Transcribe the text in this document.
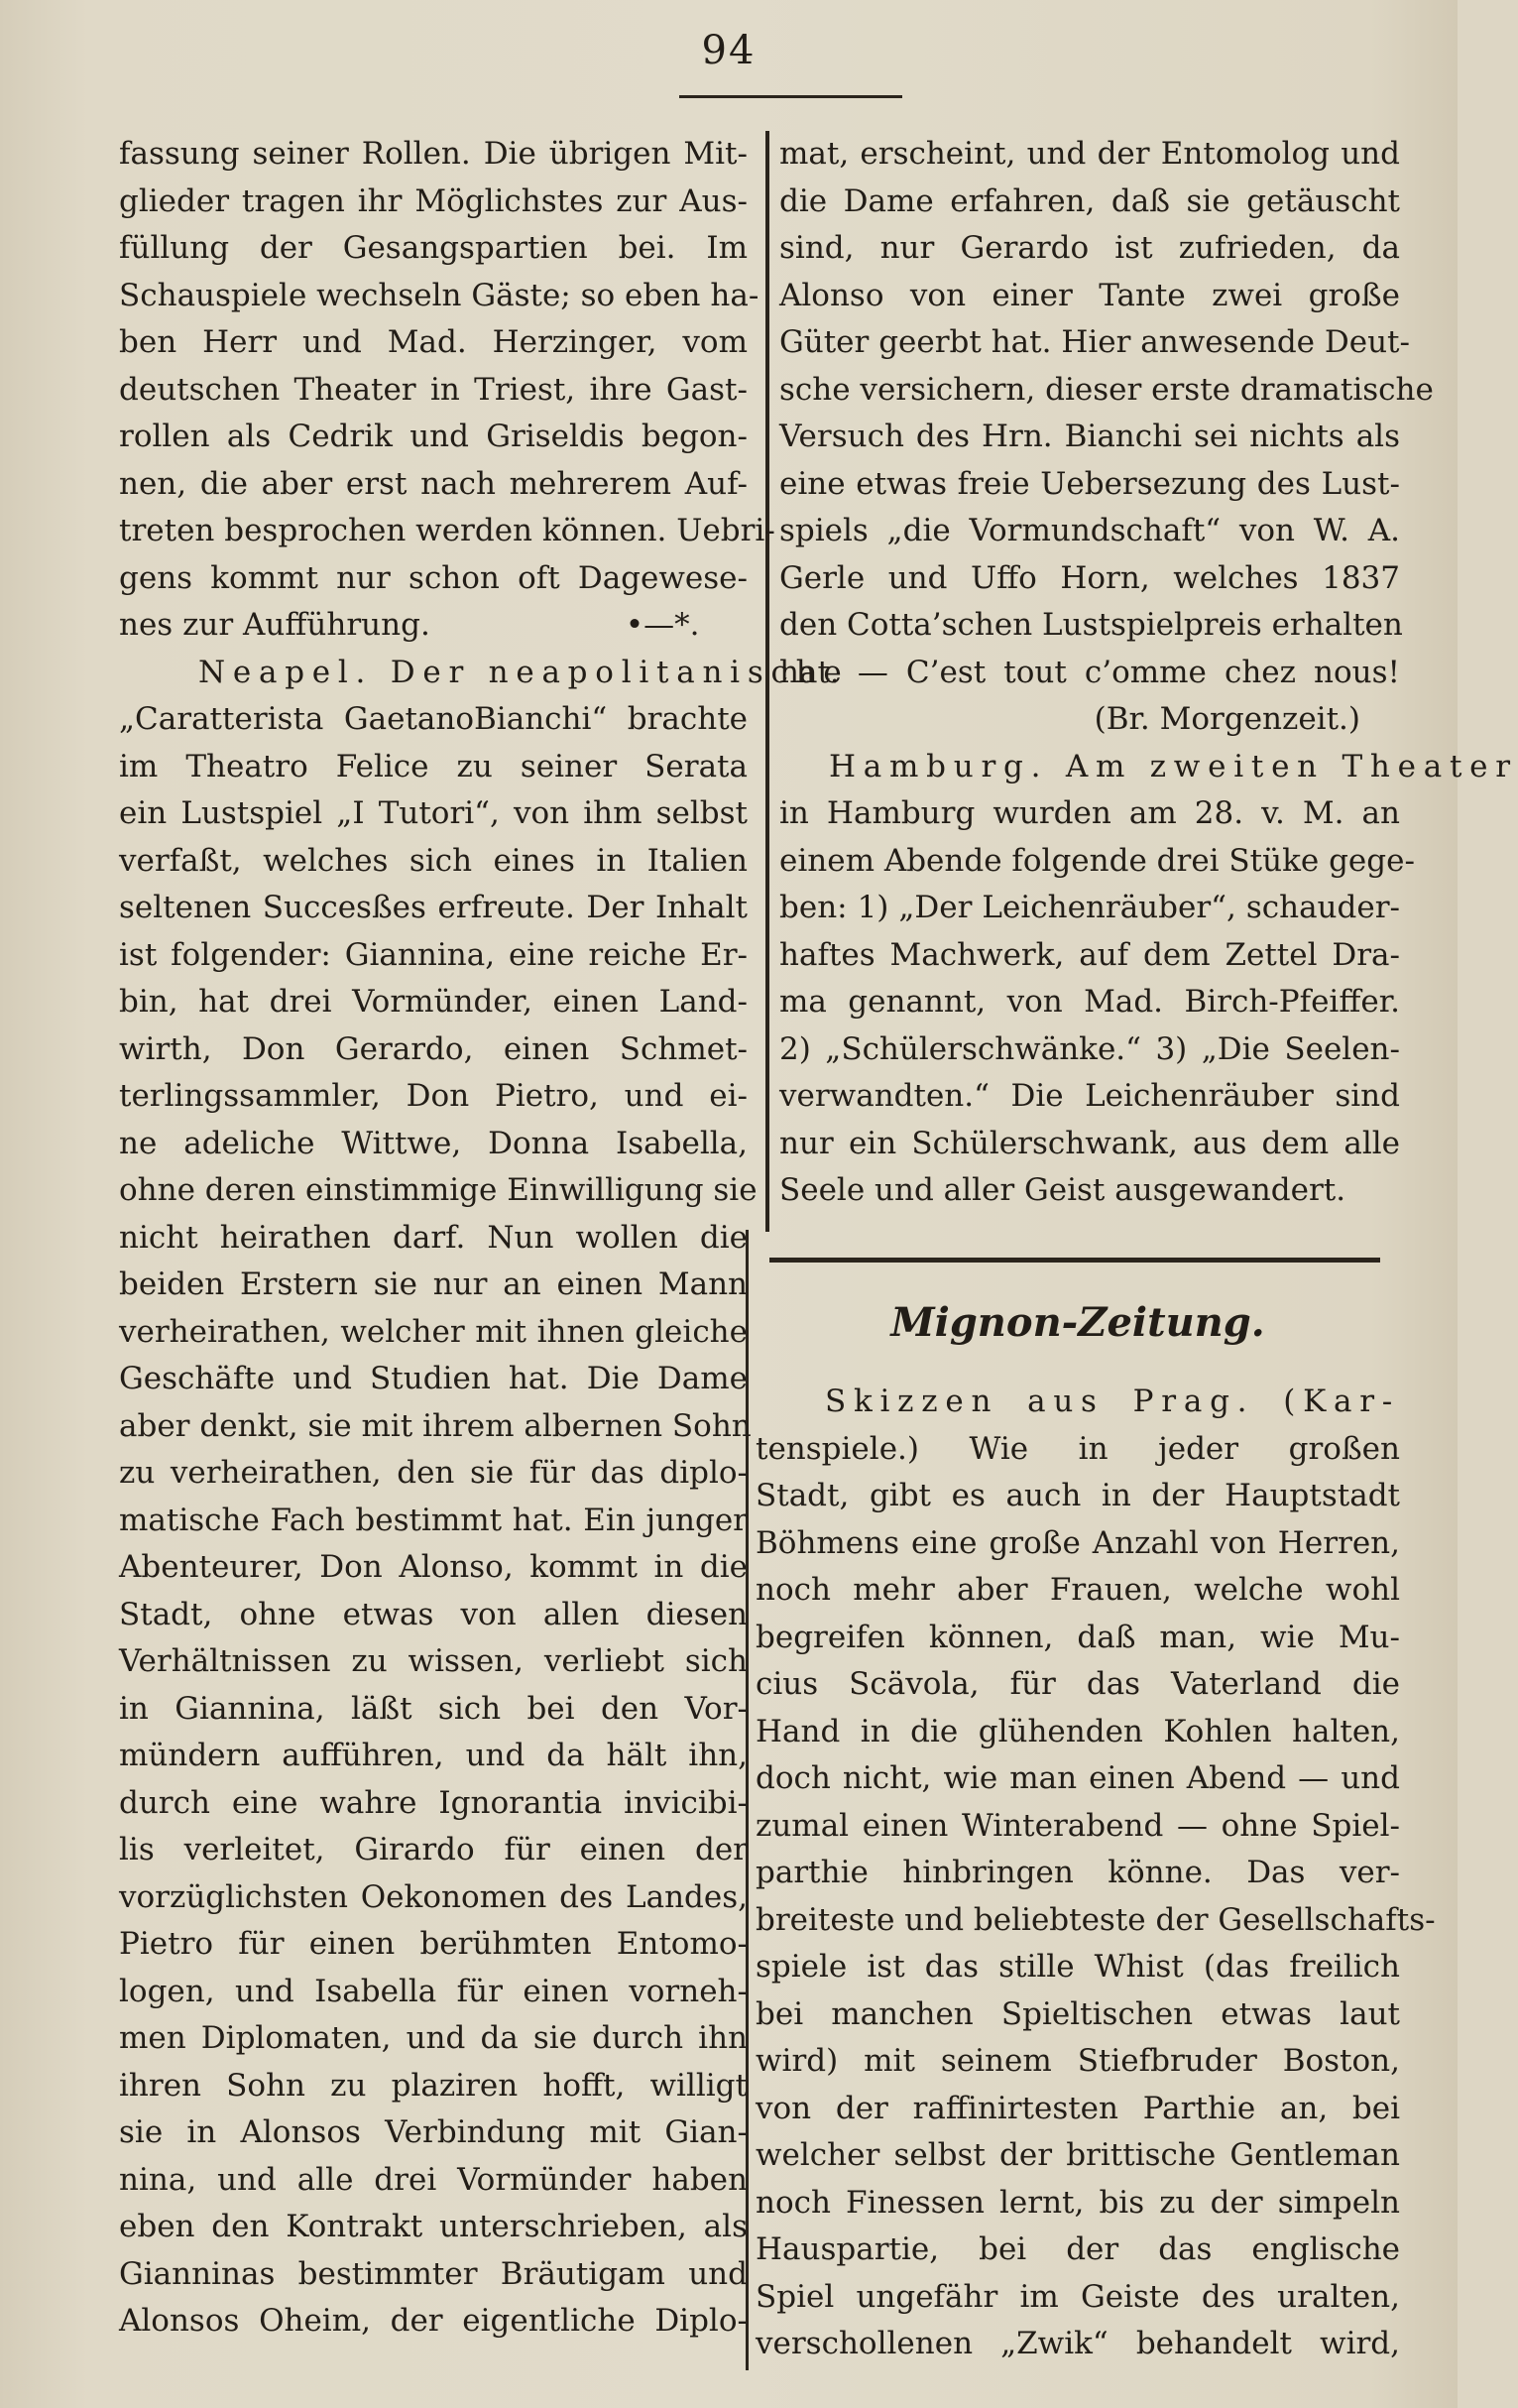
94
fassung seiner Rollen. Die übrigen Mit-
glieder tragen ihr Möglichstes zur Aus-
füllung der Gesangspartien bei. Im
Schauspiele wechseln Gäste; so eben ha-
ben Herr und Mad. Herzinger, vom
deutschen Theater in Triest, ihre Gast-
rollen als Cedrik und Griseldis begon-
nen, die aber erst nach mehrerem Auf-
treten besprochen werden können. Uebri-
gens kommt nur schon oft Dagewese-
nes zur Aufführung.                    •—*.
Neapel. Der neapolitanische
„Caratterista GaetanoBianchi“ brachte
im Theatro Felice zu seiner Serata
ein Lustspiel „I Tutori“, von ihm selbst
verfaßt, welches sich eines in Italien
seltenen Succesßes erfreute. Der Inhalt
ist folgender: Giannina, eine reiche Er-
bin, hat drei Vormünder, einen Land-
wirth, Don Gerardo, einen Schmet-
terlingssammler, Don Pietro, und ei-
ne adeliche Wittwe, Donna Isabella,
ohne deren einstimmige Einwilligung sie
nicht heirathen darf. Nun wollen die
beiden Erstern sie nur an einen Mann
verheirathen, welcher mit ihnen gleiche
Geschäfte und Studien hat. Die Dame
aber denkt, sie mit ihrem albernen Sohn
zu verheirathen, den sie für das diplo-
matische Fach bestimmt hat. Ein junger
Abenteurer, Don Alonso, kommt in die
Stadt, ohne etwas von allen diesen
Verhältnissen zu wissen, verliebt sich
in Giannina, läßt sich bei den Vor-
mündern aufführen, und da hält ihn,
durch eine wahre Ignorantia invicibi-
lis verleitet, Girardo für einen der
vorzüglichsten Oekonomen des Landes,
Pietro für einen berühmten Entomo-
logen, und Isabella für einen vorneh-
men Diplomaten, und da sie durch ihn
ihren Sohn zu plaziren hofft, willigt
sie in Alonsos Verbindung mit Gian-
nina, und alle drei Vormünder haben
eben den Kontrakt unterschrieben, als
Gianninas bestimmter Bräutigam und
Alonsos Oheim, der eigentliche Diplo-
mat, erscheint, und der Entomolog und
die Dame erfahren, daß sie getäuscht
sind, nur Gerardo ist zufrieden, da
Alonso von einer Tante zwei große
Güter geerbt hat. Hier anwesende Deut-
sche versichern, dieser erste dramatische
Versuch des Hrn. Bianchi sei nichts als
eine etwas freie Uebersezung des Lust-
spiels „die Vormundschaft“ von W. A.
Gerle und Uffo Horn, welches 1837
den Cotta’schen Lustspielpreis erhalten
hat. — C’est tout c’omme chez nous!
(Br. Morgenzeit.)
Hamburg. Am zweiten Theater
in Hamburg wurden am 28. v. M. an
einem Abende folgende drei Stüke gege-
ben: 1) „Der Leichenräuber“, schauder-
haftes Machwerk, auf dem Zettel Dra-
ma genannt, von Mad. Birch-Pfeiffer.
2) „Schülerschwänke.“ 3) „Die Seelen-
verwandten.“ Die Leichenräuber sind
nur ein Schülerschwank, aus dem alle
Seele und aller Geist ausgewandert.
Mignon-Zeitung.
Skizzen aus Prag. (Kar-
tenspiele.) Wie in jeder großen
Stadt, gibt es auch in der Hauptstadt
Böhmens eine große Anzahl von Herren,
noch mehr aber Frauen, welche wohl
begreifen können, daß man, wie Mu-
cius Scävola, für das Vaterland die
Hand in die glühenden Kohlen halten,
doch nicht, wie man einen Abend — und
zumal einen Winterabend — ohne Spiel-
parthie hinbringen könne. Das ver-
breiteste und beliebteste der Gesellschafts-
spiele ist das stille Whist (das freilich
bei manchen Spieltischen etwas laut
wird) mit seinem Stiefbruder Boston,
von der raffinirtesten Parthie an, bei
welcher selbst der brittische Gentleman
noch Finessen lernt, bis zu der simpeln
Hauspartie, bei der das englische
Spiel ungefähr im Geiste des uralten,
verschollenen „Zwik“ behandelt wird,
